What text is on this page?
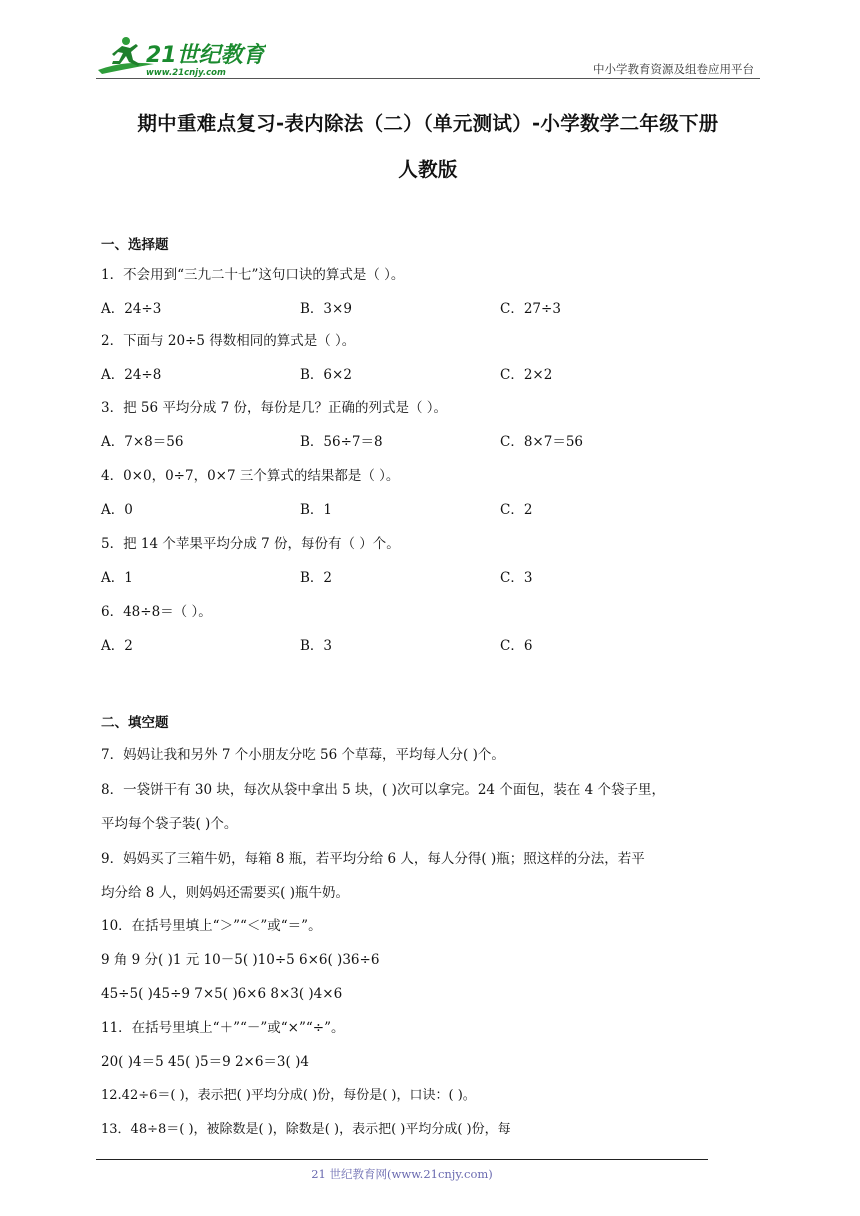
21世纪教育
www.21cnjy.com	中小学教育资源及组卷应用平台
期中重难点复习-表内除法（二）（单元测试）-小学数学二年级下册
人教版
一、选择题
1．不会用到“三九二十七”这句口诀的算式是（ ）。
A．24÷3	B．3×9	C．27÷3
2．下面与 20÷5 得数相同的算式是（ ）。
A．24÷8	B．6×2	C．2×2
3．把 56 平均分成 7 份，每份是几？正确的列式是（ ）。
A．7×8＝56	B．56÷7＝8	C．8×7＝56
4．0×0，0÷7，0×7 三个算式的结果都是（ ）。
A．0	B．1	C．2
5．把 14 个苹果平均分成 7 份，每份有（ ）个。
A．1	B．2	C．3
6．48÷8＝（ ）。
A．2	B．3	C．6
二、填空题
7．妈妈让我和另外 7 个小朋友分吃 56 个草莓，平均每人分( )个。
8．一袋饼干有 30 块，每次从袋中拿出 5 块，( )次可以拿完。24 个面包，装在 4 个袋子里，
平均每个袋子装( )个。
9．妈妈买了三箱牛奶，每箱 8 瓶，若平均分给 6 人，每人分得( )瓶；照这样的分法，若平
均分给 8 人，则妈妈还需要买( )瓶牛奶。
10．在括号里填上“＞”“＜”或“＝”。
9 角 9 分( )1 元 10－5( )10÷5 6×6( )36÷6
45÷5( )45÷9 7×5( )6×6 8×3( )4×6
11．在括号里填上“＋”“－”或“×”“÷”。
20( )4＝5 45( )5＝9 2×6＝3( )4
12.42÷6＝( )，表示把( )平均分成( )份，每份是( )，口诀：( )。
13．48÷8＝( )，被除数是( )，除数是( )，表示把( )平均分成( )份，每
21 世纪教育网(www.21cnjy.com)
